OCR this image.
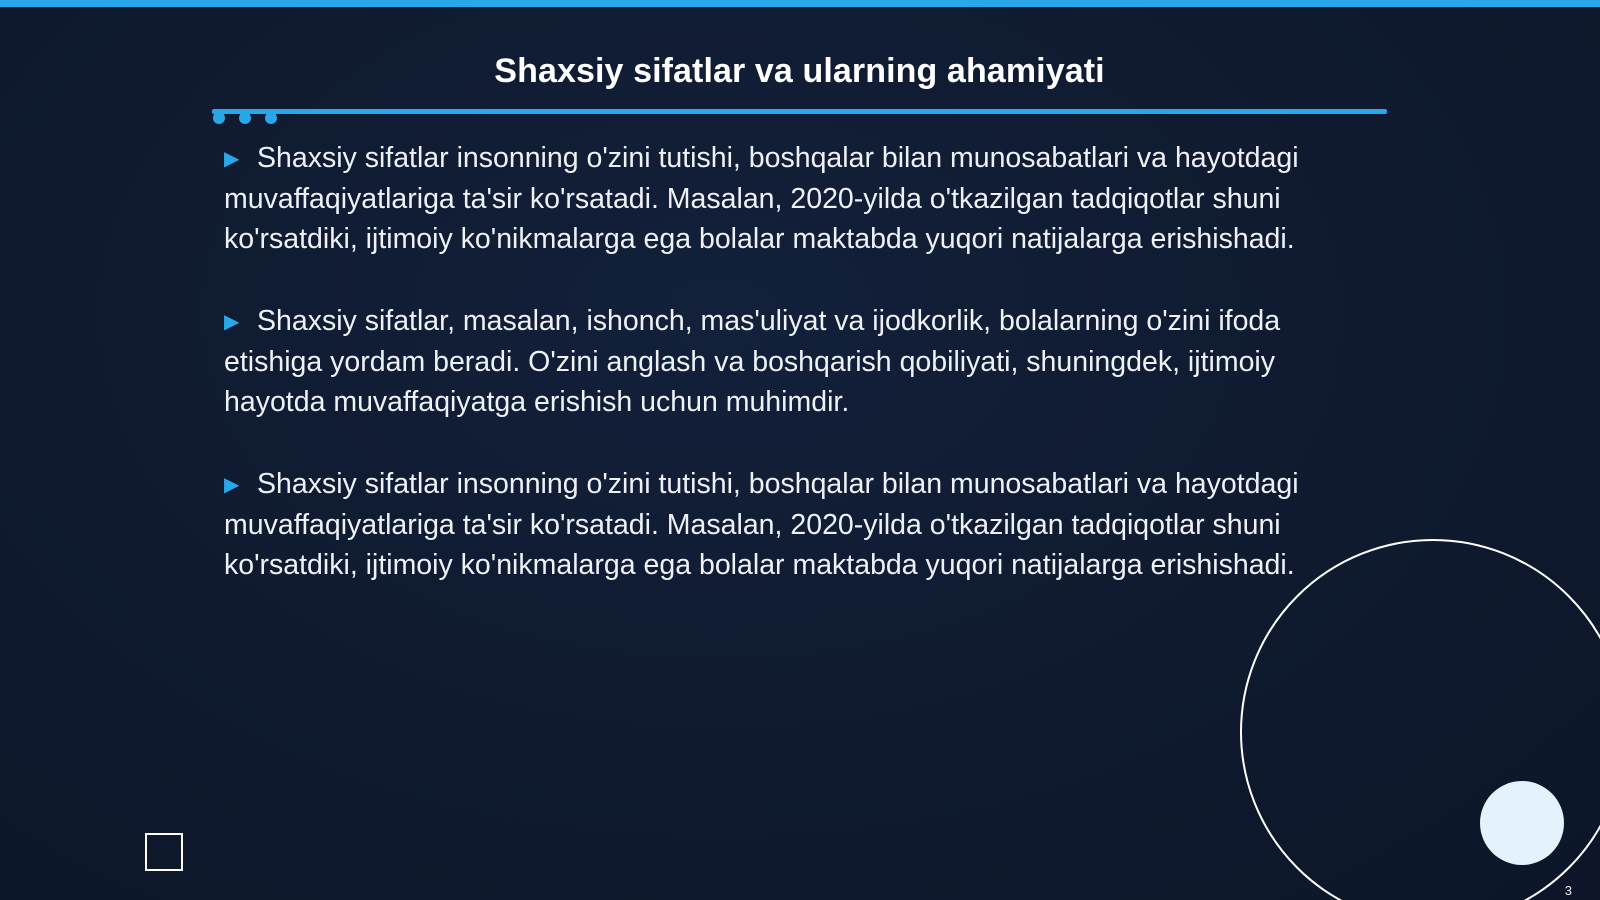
Shaxsiy sifatlar va ularning ahamiyati

▶ Shaxsiy sifatlar insonning o'zini tutishi, boshqalar bilan munosabatlari va hayotdagi muvaffaqiyatlariga ta'sir ko'rsatadi. Masalan, 2020-yilda o'tkazilgan tadqiqotlar shuni ko'rsatdiki, ijtimoiy ko'nikmalarga ega bolalar maktabda yuqori natijalarga erishishadi.

▶ Shaxsiy sifatlar, masalan, ishonch, mas'uliyat va ijodkorlik, bolalarning o'zini ifoda etishiga yordam beradi. O'zini anglash va boshqarish qobiliyati, shuningdek, ijtimoiy hayotda muvaffaqiyatga erishish uchun muhimdir.

▶ Shaxsiy sifatlar insonning o'zini tutishi, boshqalar bilan munosabatlari va hayotdagi muvaffaqiyatlariga ta'sir ko'rsatadi. Masalan, 2020-yilda o'tkazilgan tadqiqotlar shuni ko'rsatdiki, ijtimoiy ko'nikmalarga ega bolalar maktabda yuqori natijalarga erishishadi.

3
